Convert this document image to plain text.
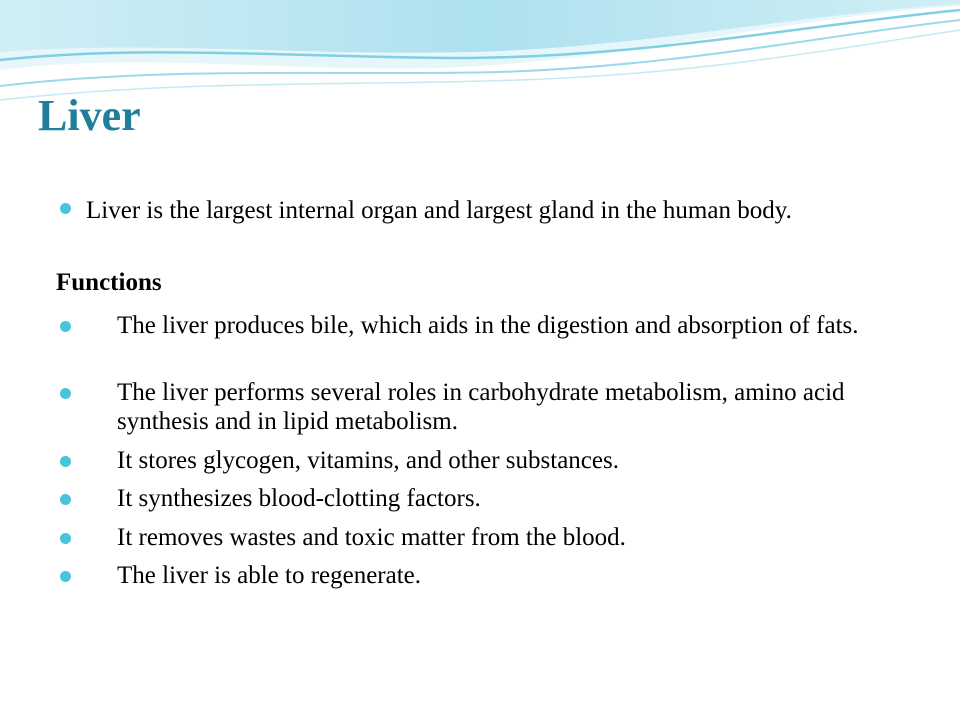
Liver
Liver is the largest internal organ and largest gland in the human body.
Functions
The liver produces bile, which aids in the digestion and absorption of fats.
The liver performs several roles in carbohydrate metabolism, amino acid synthesis and in lipid metabolism.
It stores glycogen, vitamins, and other substances.
It synthesizes blood-clotting factors.
It removes wastes and toxic matter from the blood.
The liver is able to regenerate.
